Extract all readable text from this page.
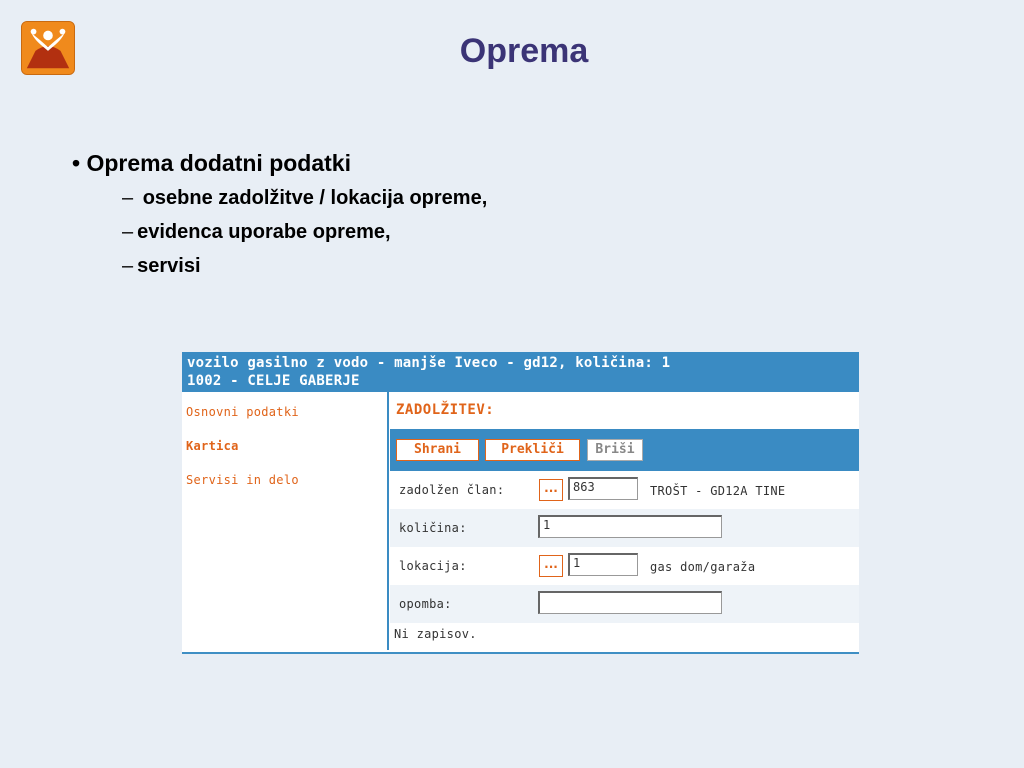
Oprema
• Oprema dodatni podatki
– osebne zadolžitve / lokacija opreme,
– evidenca uporabe opreme,
– servisi
vozilo gasilno z vodo - manjše Iveco - gd12, količina: 1
1002 - CELJE GABERJE
Osnovni podatki
Kartica
Servisi in delo
ZADOLŽITEV:
Shrani	Prekliči	Briši
zadolžen član:	...	863	TROŠT - GD12A TINE
količina:	1
lokacija:	...	1	gas dom/garaža
opomba:
Ni zapisov.
